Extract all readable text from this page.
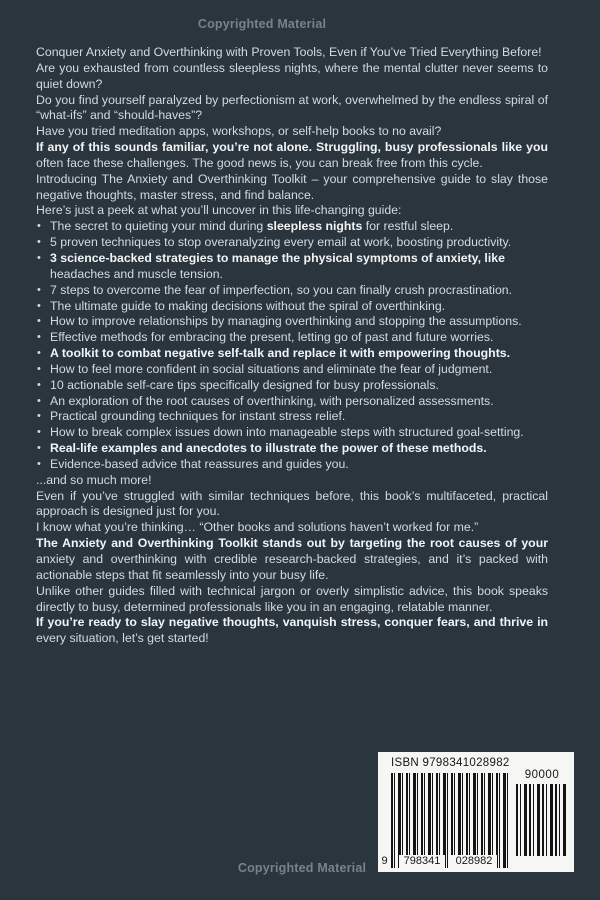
Copyrighted Material

Conquer Anxiety and Overthinking with Proven Tools, Even if You’ve Tried Everything Before!

Are you exhausted from countless sleepless nights, where the mental clutter never seems to quiet down?

Do you find yourself paralyzed by perfectionism at work, overwhelmed by the endless spiral of “what-ifs” and “should-haves”?

Have you tried meditation apps, workshops, or self-help books to no avail?

If any of this sounds familiar, you’re not alone. Struggling, busy professionals like you often face these challenges. The good news is, you can break free from this cycle.

Introducing The Anxiety and Overthinking Toolkit – your comprehensive guide to slay those negative thoughts, master stress, and find balance.

Here’s just a peek at what you’ll uncover in this life-changing guide:

• The secret to quieting your mind during sleepless nights for restful sleep.

• 5 proven techniques to stop overanalyzing every email at work, boosting productivity.

• 3 science-backed strategies to manage the physical symptoms of anxiety, like headaches and muscle tension.

• 7 steps to overcome the fear of imperfection, so you can finally crush procrastination.

• The ultimate guide to making decisions without the spiral of overthinking.

• How to improve relationships by managing overthinking and stopping the assumptions.

• Effective methods for embracing the present, letting go of past and future worries.

• A toolkit to combat negative self-talk and replace it with empowering thoughts.

• How to feel more confident in social situations and eliminate the fear of judgment.

• 10 actionable self-care tips specifically designed for busy professionals.

• An exploration of the root causes of overthinking, with personalized assessments.

• Practical grounding techniques for instant stress relief.

• How to break complex issues down into manageable steps with structured goal-setting.

• Real-life examples and anecdotes to illustrate the power of these methods.

• Evidence-based advice that reassures and guides you.

...and so much more!

Even if you’ve struggled with similar techniques before, this book’s multifaceted, practical approach is designed just for you.

I know what you’re thinking… “Other books and solutions haven’t worked for me.”

The Anxiety and Overthinking Toolkit stands out by targeting the root causes of your anxiety and overthinking with credible research-backed strategies, and it’s packed with actionable steps that fit seamlessly into your busy life.

Unlike other guides filled with technical jargon or overly simplistic advice, this book speaks directly to busy, determined professionals like you in an engaging, relatable manner.

If you’re ready to slay negative thoughts, vanquish stress, conquer fears, and thrive in every situation, let’s get started!

ISBN 9798341028982
9	798341	028982
90000
Copyrighted Material
